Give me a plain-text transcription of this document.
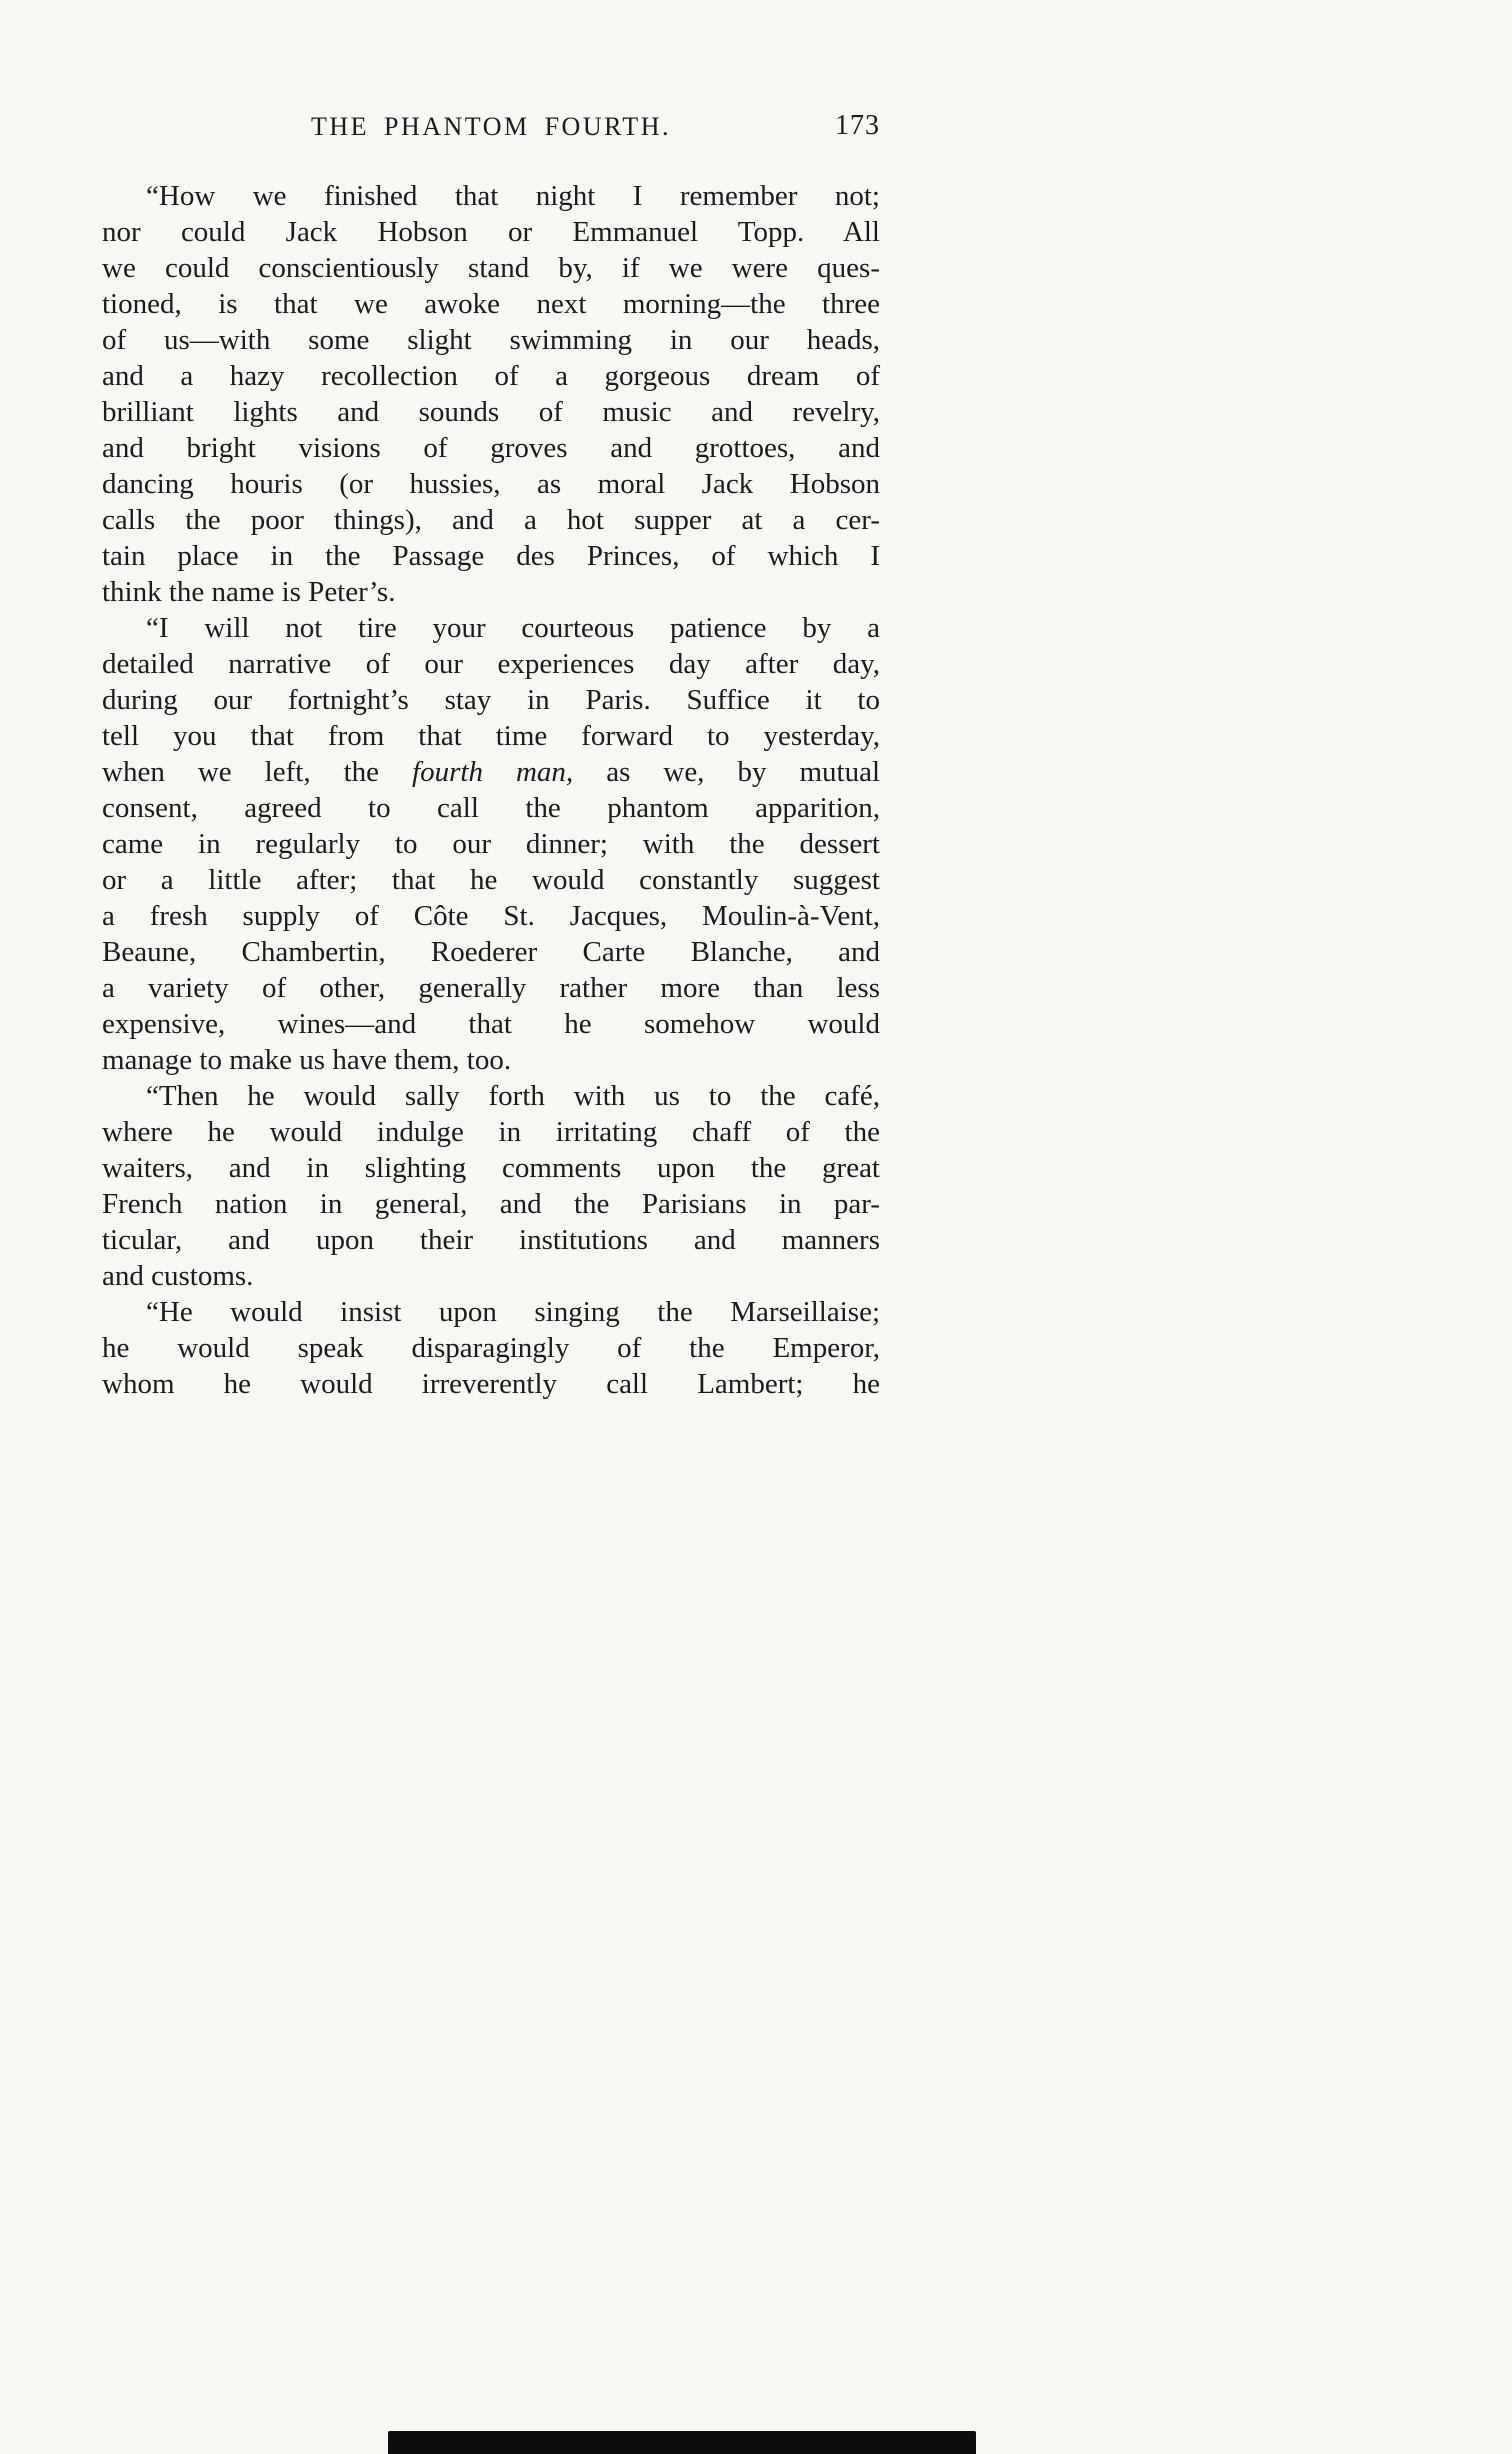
THE PHANTOM FOURTH.	173
“How we finished that night I remember not;
nor could Jack Hobson or Emmanuel Topp. All
we could conscientiously stand by, if we were ques-
tioned, is that we awoke next morning—the three
of us—with some slight swimming in our heads,
and a hazy recollection of a gorgeous dream of
brilliant lights and sounds of music and revelry,
and bright visions of groves and grottoes, and
dancing houris (or hussies, as moral Jack Hobson
calls the poor things), and a hot supper at a cer-
tain place in the Passage des Princes, of which I
think the name is Peter’s.
“I will not tire your courteous patience by a
detailed narrative of our experiences day after day,
during our fortnight’s stay in Paris. Suffice it to
tell you that from that time forward to yesterday,
when we left, the fourth man, as we, by mutual
consent, agreed to call the phantom apparition,
came in regularly to our dinner; with the dessert
or a little after; that he would constantly suggest
a fresh supply of Côte St. Jacques, Moulin-à-Vent,
Beaune, Chambertin, Roederer Carte Blanche, and
a variety of other, generally rather more than less
expensive, wines—and that he somehow would
manage to make us have them, too.
“Then he would sally forth with us to the café,
where he would indulge in irritating chaff of the
waiters, and in slighting comments upon the great
French nation in general, and the Parisians in par-
ticular, and upon their institutions and manners
and customs.
“He would insist upon singing the Marseillaise;
he would speak disparagingly of the Emperor,
whom he would irreverently call Lambert; he
